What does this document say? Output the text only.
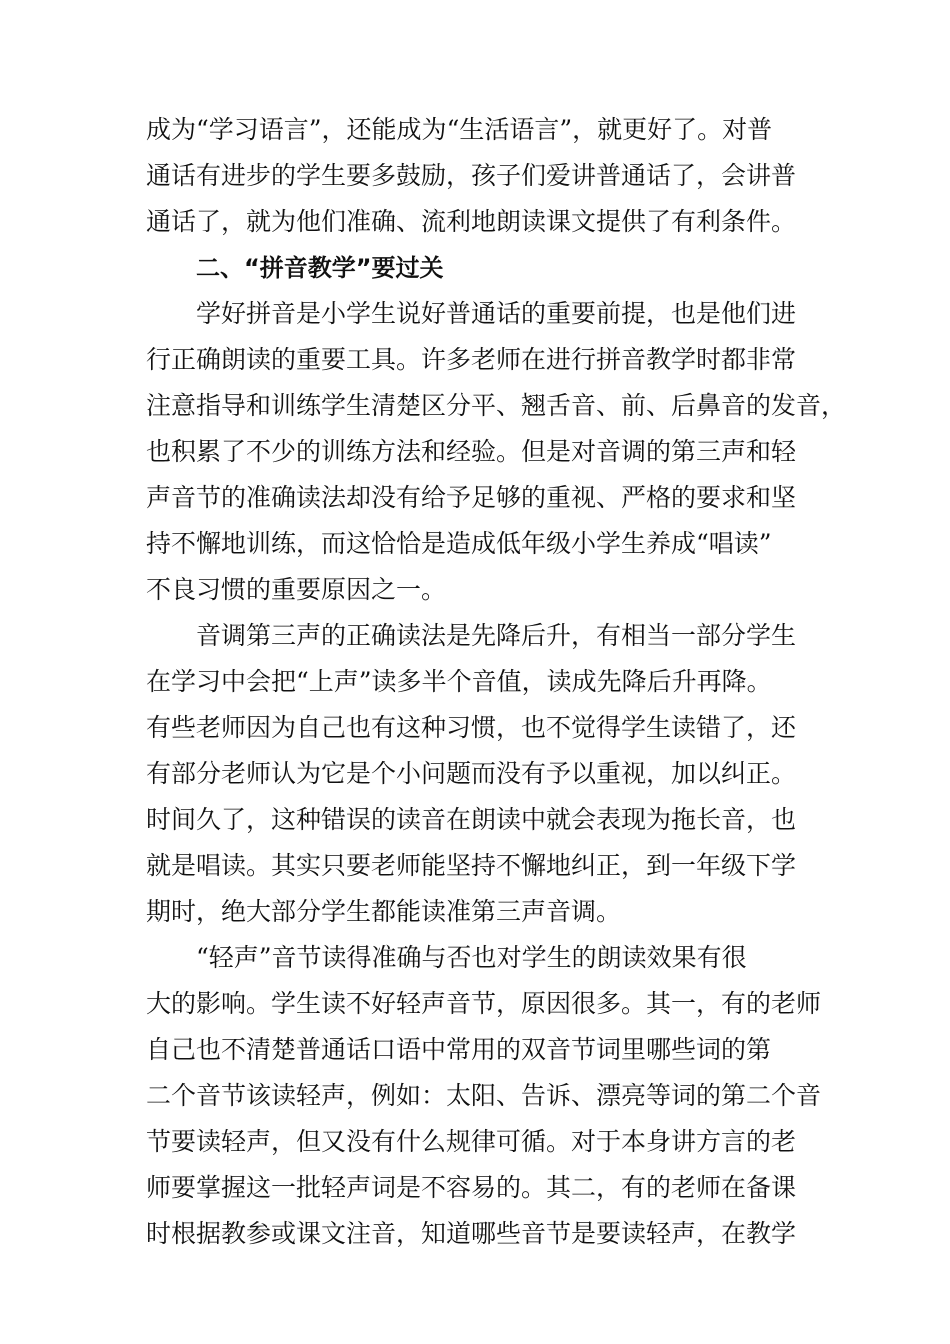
成为“学习语言”，还能成为“生活语言”，就更好了。对普
通话有进步的学生要多鼓励，孩子们爱讲普通话了，会讲普
通话了，就为他们准确、流利地朗读课文提供了有利条件。
二、“拼音教学”要过关
学好拼音是小学生说好普通话的重要前提，也是他们进
行正确朗读的重要工具。许多老师在进行拼音教学时都非常
注意指导和训练学生清楚区分平、翘舌音、前、后鼻音的发音，
也积累了不少的训练方法和经验。但是对音调的第三声和轻
声音节的准确读法却没有给予足够的重视、严格的要求和坚
持不懈地训练，而这恰恰是造成低年级小学生养成“唱读”
不良习惯的重要原因之一。
音调第三声的正确读法是先降后升，有相当一部分学生
在学习中会把“上声”读多半个音值，读成先降后升再降。
有些老师因为自己也有这种习惯，也不觉得学生读错了，还
有部分老师认为它是个小问题而没有予以重视，加以纠正。
时间久了，这种错误的读音在朗读中就会表现为拖长音，也
就是唱读。其实只要老师能坚持不懈地纠正，到一年级下学
期时，绝大部分学生都能读准第三声音调。
“轻声”音节读得准确与否也对学生的朗读效果有很
大的影响。学生读不好轻声音节，原因很多。其一，有的老师
自己也不清楚普通话口语中常用的双音节词里哪些词的第
二个音节该读轻声，例如：太阳、告诉、漂亮等词的第二个音
节要读轻声，但又没有什么规律可循。对于本身讲方言的老
师要掌握这一批轻声词是不容易的。其二，有的老师在备课
时根据教参或课文注音，知道哪些音节是要读轻声，在教学
